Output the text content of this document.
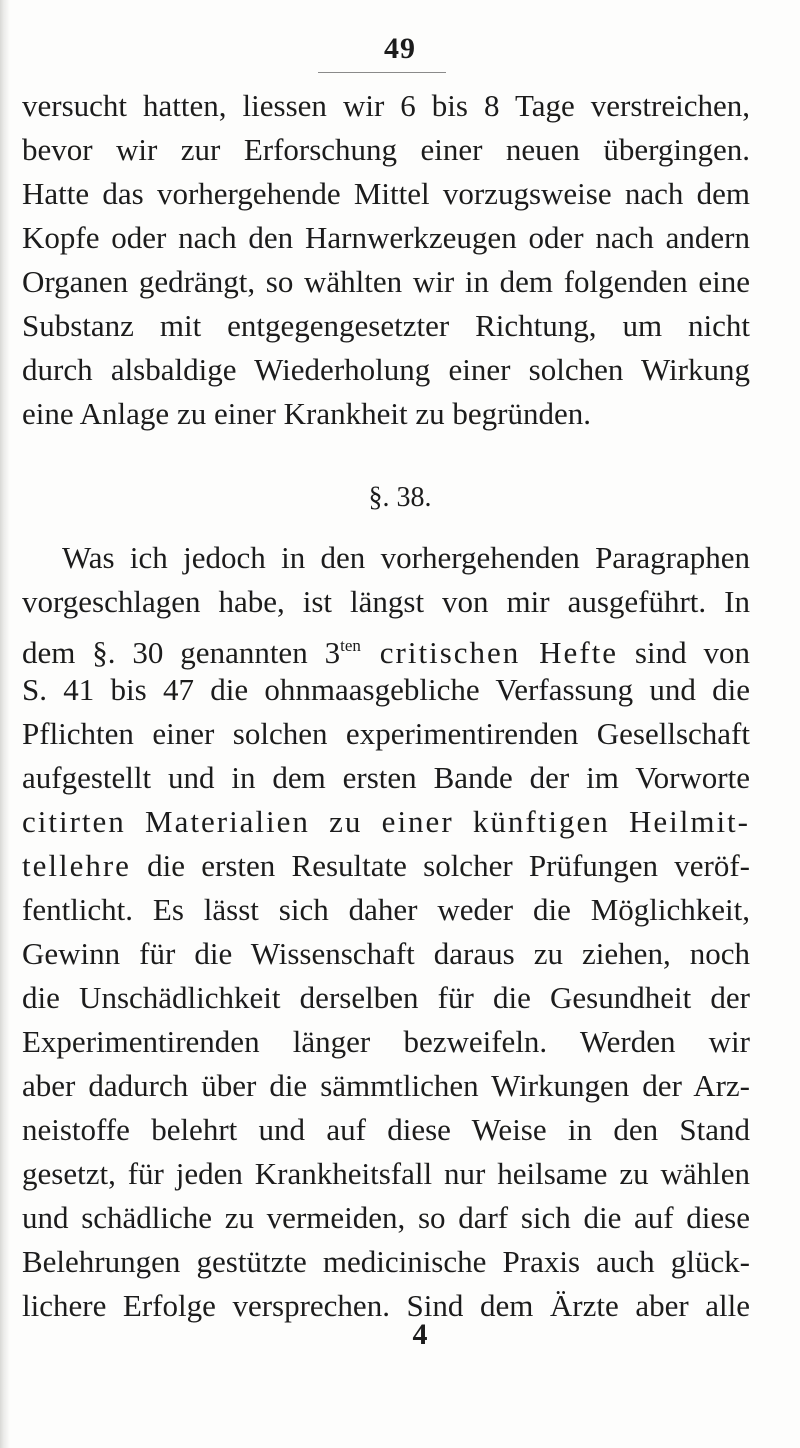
49
versucht hatten, liessen wir 6 bis 8 Tage verstreichen,
bevor wir zur Erforschung einer neuen übergingen.
Hatte das vorhergehende Mittel vorzugsweise nach dem
Kopfe oder nach den Harnwerkzeugen oder nach andern
Organen gedrängt, so wählten wir in dem folgenden eine
Substanz mit entgegengesetzter Richtung, um nicht
durch alsbaldige Wiederholung einer solchen Wirkung
eine Anlage zu einer Krankheit zu begründen.
§. 38.
Was ich jedoch in den vorhergehenden Paragraphen
vorgeschlagen habe, ist längst von mir ausgeführt. In
dem §. 30 genannten $3^{ten}$ critischen Hefte sind von
S. 41 bis 47 die ohnmaasgebliche Verfassung und die
Pflichten einer solchen experimentirenden Gesellschaft
aufgestellt und in dem ersten Bande der im Vorworte
citirten Materialien zu einer künftigen Heilmit-
tellehre die ersten Resultate solcher Prüfungen veröf-
fentlicht. Es lässt sich daher weder die Möglichkeit,
Gewinn für die Wissenschaft daraus zu ziehen, noch
die Unschädlichkeit derselben für die Gesundheit der
Experimentirenden länger bezweifeln. Werden wir
aber dadurch über die sämmtlichen Wirkungen der Arz-
neistoffe belehrt und auf diese Weise in den Stand
gesetzt, für jeden Krankheitsfall nur heilsame zu wählen
und schädliche zu vermeiden, so darf sich die auf diese
Belehrungen gestützte medicinische Praxis auch glück-
lichere Erfolge versprechen. Sind dem Ärzte aber alle
4
